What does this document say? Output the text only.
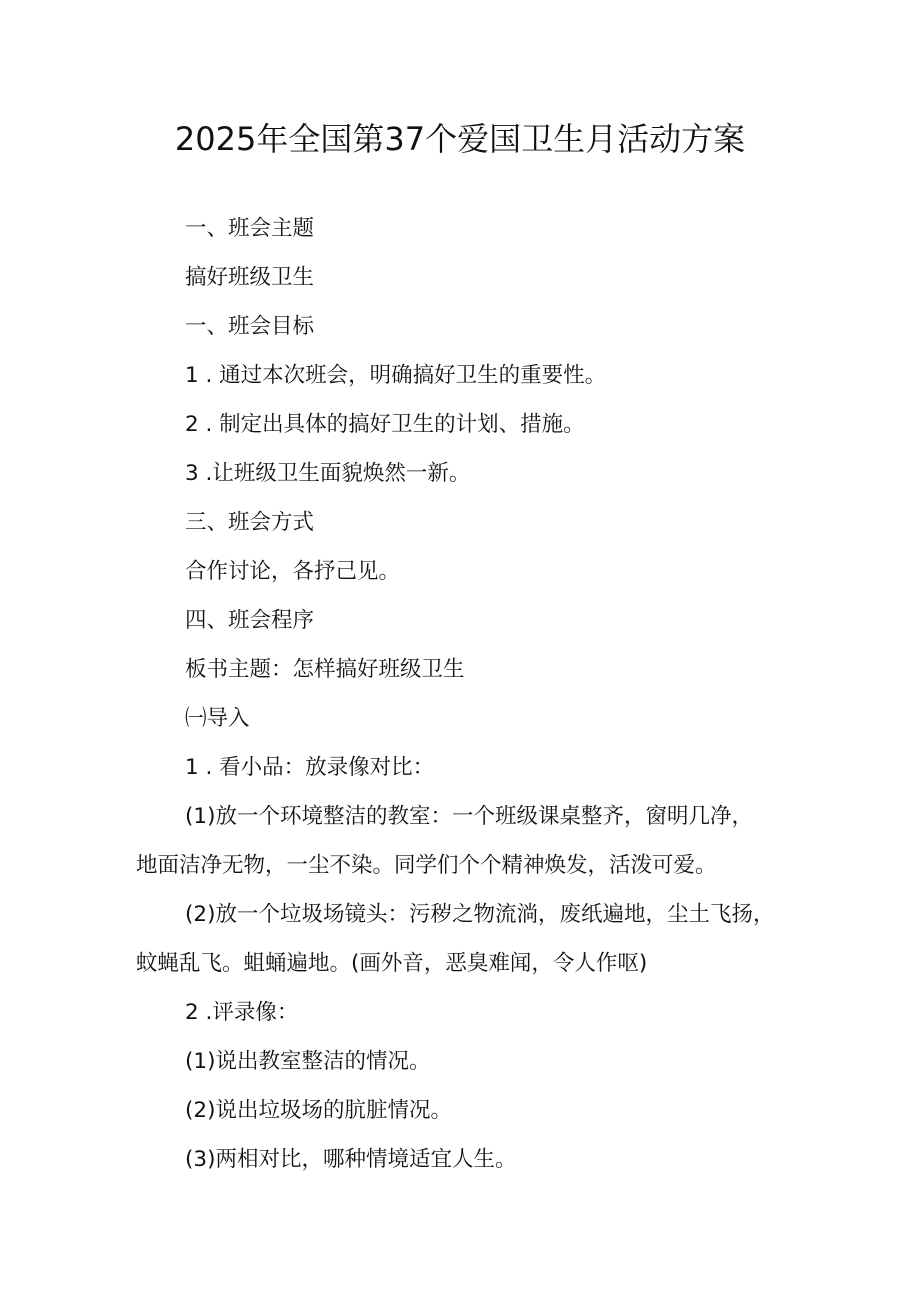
2025年全国第37个爱国卫生月活动方案
一、班会主题
搞好班级卫生
一、班会目标
1 . 通过本次班会，明确搞好卫生的重要性。
2 . 制定出具体的搞好卫生的计划、措施。
3 .让班级卫生面貌焕然一新。
三、班会方式
合作讨论，各抒己见。
四、班会程序
板书主题：怎样搞好班级卫生
㈠导入
1 . 看小品：放录像对比：
(1)放一个环境整洁的教室：一个班级课桌整齐，窗明几净，
地面洁净无物，一尘不染。同学们个个精神焕发，活泼可爱。
(2)放一个垃圾场镜头：污秽之物流淌，废纸遍地，尘土飞扬，
蚊蝇乱飞。蛆蛹遍地。(画外音，恶臭难闻，令人作呕)
2 .评录像：
(1)说出教室整洁的情况。
(2)说出垃圾场的肮脏情况。
(3)两相对比，哪种情境适宜人生。
